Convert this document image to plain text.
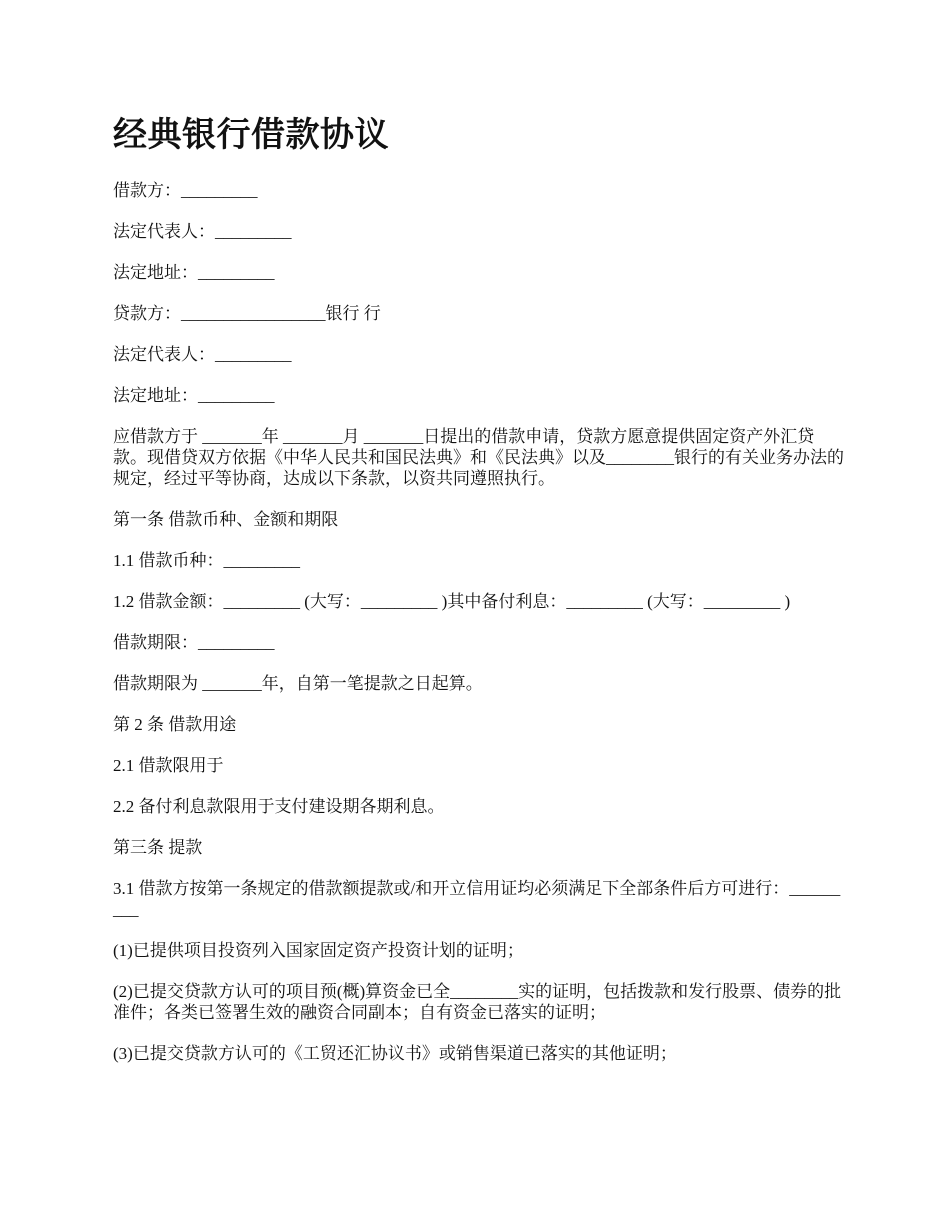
经典银行借款协议

借款方：_________

法定代表人：_________

法定地址：_________

贷款方：_________________银行 行

法定代表人：_________

法定地址：_________

应借款方于 _______年 _______月 _______日提出的借款申请，贷款方愿意提供固定资产外汇贷款。现借贷双方依据《中华人民共和国民法典》和《民法典》以及________银行的有关业务办法的规定，经过平等协商，达成以下条款，以资共同遵照执行。

第一条 借款币种、金额和期限

1.1 借款币种：_________

1.2 借款金额：_________ (大写：_________ )其中备付利息：_________ (大写：_________ )

借款期限：_________

借款期限为 _______年，自第一笔提款之日起算。

第 2 条 借款用途

2.1 借款限用于

2.2 备付利息款限用于支付建设期各期利息。

第三条 提款

3.1 借款方按第一条规定的借款额提款或/和开立信用证均必须满足下全部条件后方可进行：_________

(1)已提供项目投资列入国家固定资产投资计划的证明；

(2)已提交贷款方认可的项目预(概)算资金已全________实的证明，包括拨款和发行股票、债券的批准件；各类已签署生效的融资合同副本；自有资金已落实的证明；

(3)已提交贷款方认可的《工贸还汇协议书》或销售渠道已落实的其他证明；
